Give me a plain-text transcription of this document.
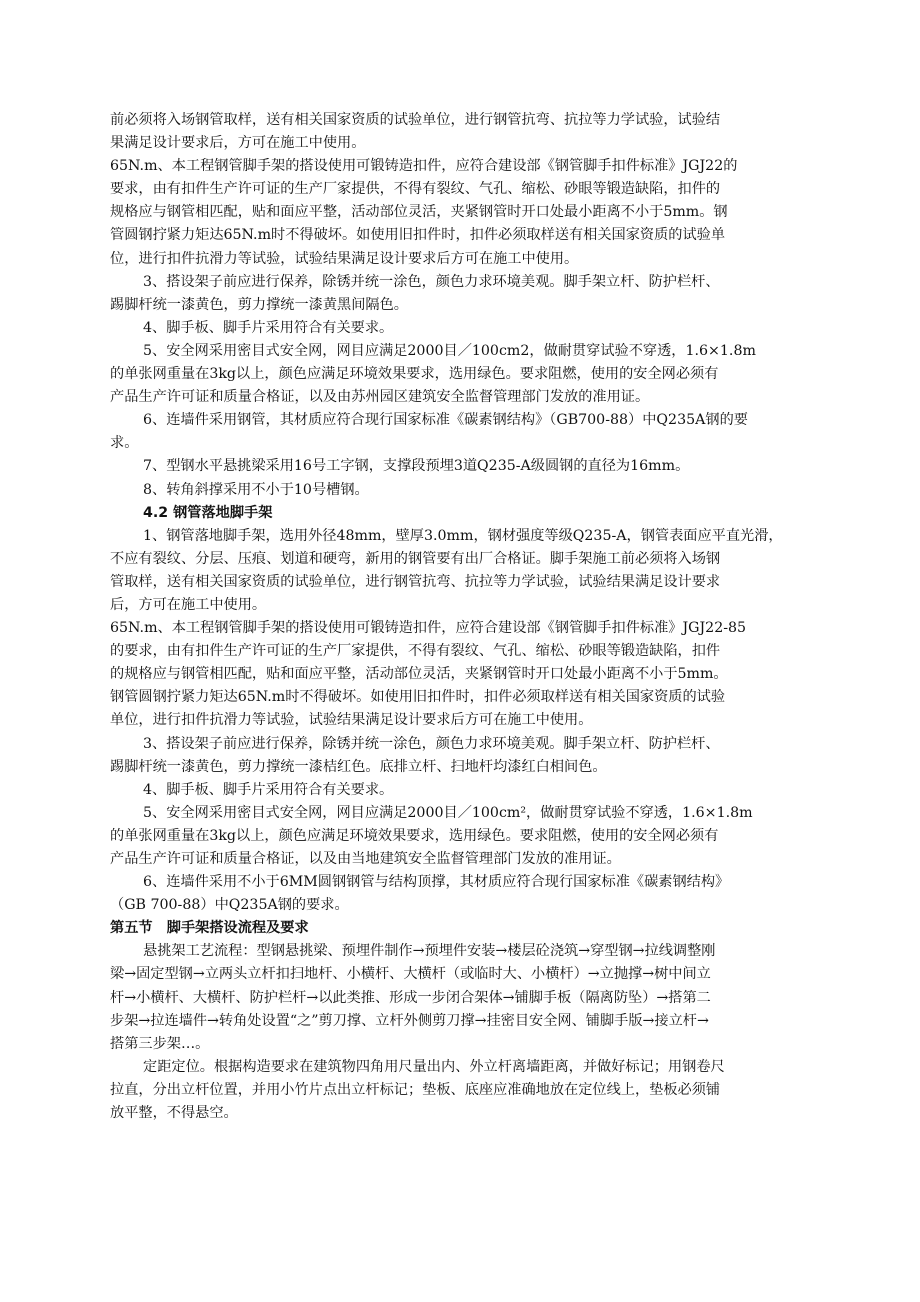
前必须将入场钢管取样，送有相关国家资质的试验单位，进行钢管抗弯、抗拉等力学试验，试验结
果满足设计要求后，方可在施工中使用。
65N.m、本工程钢管脚手架的搭设使用可锻铸造扣件，应符合建设部《钢管脚手扣件标准》JGJ22的
要求，由有扣件生产许可证的生产厂家提供，不得有裂纹、气孔、缩松、砂眼等锻造缺陷，扣件的
规格应与钢管相匹配，贴和面应平整，活动部位灵活，夹紧钢管时开口处最小距离不小于5mm。钢
管圆钢拧紧力矩达65N.m时不得破坏。如使用旧扣件时，扣件必须取样送有相关国家资质的试验单
位，进行扣件抗滑力等试验，试验结果满足设计要求后方可在施工中使用。
3、搭设架子前应进行保养，除锈并统一涂色，颜色力求环境美观。脚手架立杆、防护栏杆、
踢脚杆统一漆黄色，剪力撑统一漆黄黑间隔色。
4、脚手板、脚手片采用符合有关要求。
5、安全网采用密目式安全网，网目应满足2000目／100cm2，做耐贯穿试验不穿透，1.6×1.8m
的单张网重量在3kg以上，颜色应满足环境效果要求，选用绿色。要求阻燃，使用的安全网必须有
产品生产许可证和质量合格证，以及由苏州园区建筑安全监督管理部门发放的准用证。
6、连墙件采用钢管，其材质应符合现行国家标准《碳素钢结构》（GB700-88）中Q235A钢的要
求。
7、型钢水平悬挑梁采用16号工字钢，支撑段预埋3道Q235-A级圆钢的直径为16mm。
8、转角斜撑采用不小于10号槽钢。
4.2 钢管落地脚手架
1、钢管落地脚手架，选用外径48mm，壁厚3.0mm，钢材强度等级Q235-A，钢管表面应平直光滑，
不应有裂纹、分层、压痕、划道和硬弯，新用的钢管要有出厂合格证。脚手架施工前必须将入场钢
管取样，送有相关国家资质的试验单位，进行钢管抗弯、抗拉等力学试验，试验结果满足设计要求
后，方可在施工中使用。
65N.m、本工程钢管脚手架的搭设使用可锻铸造扣件，应符合建设部《钢管脚手扣件标准》JGJ22-85
的要求，由有扣件生产许可证的生产厂家提供，不得有裂纹、气孔、缩松、砂眼等锻造缺陷，扣件
的规格应与钢管相匹配，贴和面应平整，活动部位灵活，夹紧钢管时开口处最小距离不小于5mm。
钢管圆钢拧紧力矩达65N.m时不得破坏。如使用旧扣件时，扣件必须取样送有相关国家资质的试验
单位，进行扣件抗滑力等试验，试验结果满足设计要求后方可在施工中使用。
3、搭设架子前应进行保养，除锈并统一涂色，颜色力求环境美观。脚手架立杆、防护栏杆、
踢脚杆统一漆黄色，剪力撑统一漆桔红色。底排立杆、扫地杆均漆红白相间色。
4、脚手板、脚手片采用符合有关要求。
5、安全网采用密目式安全网，网目应满足2000目／100cm²，做耐贯穿试验不穿透，1.6×1.8m
的单张网重量在3kg以上，颜色应满足环境效果要求，选用绿色。要求阻燃，使用的安全网必须有
产品生产许可证和质量合格证，以及由当地建筑安全监督管理部门发放的准用证。
6、连墙件采用不小于6MM圆钢钢管与结构顶撑，其材质应符合现行国家标准《碳素钢结构》
（GB 700-88）中Q235A钢的要求。
第五节　脚手架搭设流程及要求
悬挑架工艺流程：型钢悬挑梁、预埋件制作→预埋件安装→楼层砼浇筑→穿型钢→拉线调整刚
梁→固定型钢→立两头立杆扣扫地杆、小横杆、大横杆（或临时大、小横杆）→立抛撑→树中间立
杆→小横杆、大横杆、防护栏杆→以此类推、形成一步闭合架体→铺脚手板（隔离防坠）→搭第二
步架→拉连墙件→转角处设置“之”剪刀撑、立杆外侧剪刀撑→挂密目安全网、铺脚手版→接立杆→
搭第三步架…。
定距定位。根据构造要求在建筑物四角用尺量出内、外立杆离墙距离，并做好标记；用钢卷尺
拉直，分出立杆位置，并用小竹片点出立杆标记；垫板、底座应准确地放在定位线上，垫板必须铺
放平整，不得悬空。
